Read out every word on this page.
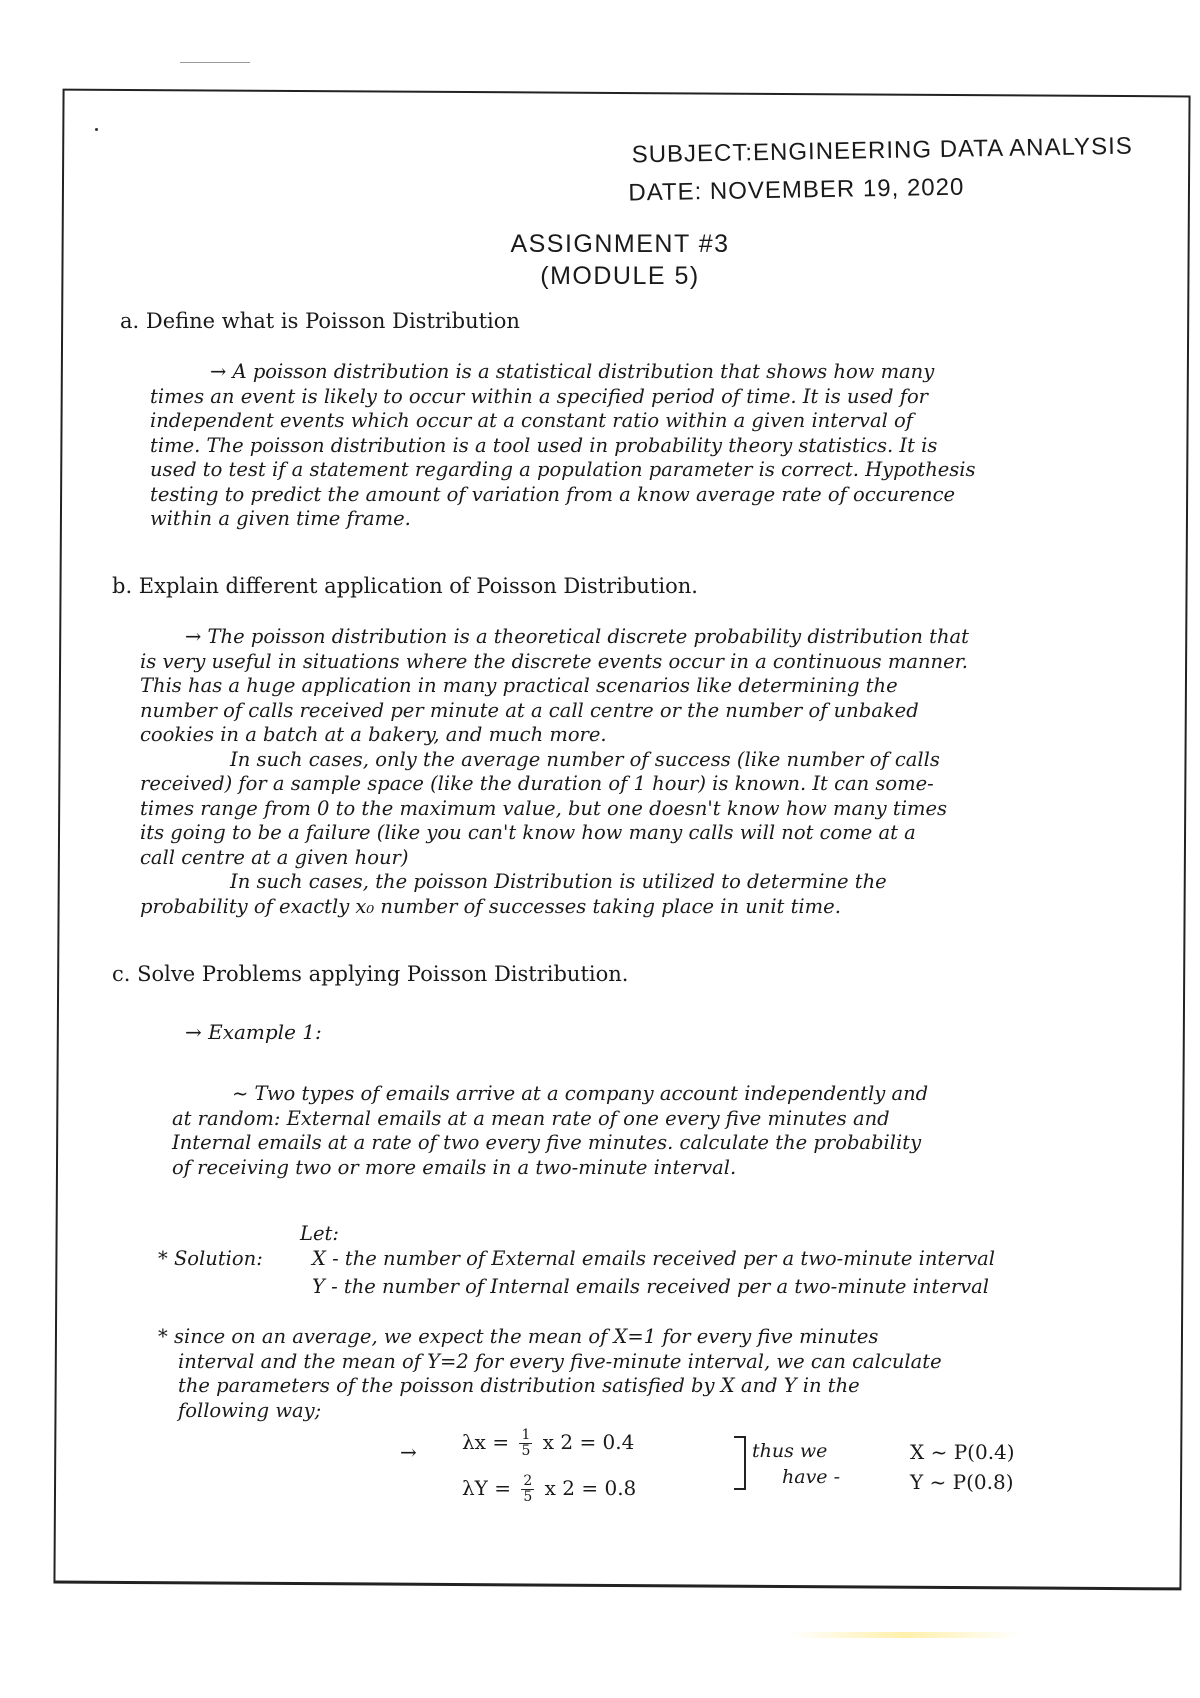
SUBJECT:ENGINEERING DATA ANALYSIS
DATE: NOVEMBER 19, 2020
ASSIGNMENT #3
(MODULE 5)
a. Define what is Poisson Distribution
→ A poisson distribution is a statistical distribution that shows how many
times an event is likely to occur within a specified period of time. It is used for
independent events which occur at a constant ratio within a given interval of
time. The poisson distribution is a tool used in probability theory statistics. It is
used to test if a statement regarding a population parameter is correct. Hypothesis
testing to predict the amount of variation from a know average rate of occurence
within a given time frame.
b. Explain different application of Poisson Distribution.
→ The poisson distribution is a theoretical discrete probability distribution that
is very useful in situations where the discrete events occur in a continuous manner.
This has a huge application in many practical scenarios like determining the
number of calls received per minute at a call centre or the number of unbaked
cookies in a batch at a bakery, and much more.
In such cases, only the average number of success (like number of calls
received) for a sample space (like the duration of 1 hour) is known. It can some-
times range from 0 to the maximum value, but one doesn't know how many times
its going to be a failure (like you can't know how many calls will not come at a
call centre at a given hour)
In such cases, the poisson Distribution is utilized to determine the
probability of exactly x₀ number of successes taking place in unit time.
c. Solve Problems applying Poisson Distribution.
→ Example 1:
~ Two types of emails arrive at a company account independently and
at random: External emails at a mean rate of one every five minutes and
Internal emails at a rate of two every five minutes. calculate the probability
of receiving two or more emails in a two-minute interval.
Let:
* Solution:	X - the number of External emails received per a two-minute interval
Y - the number of Internal emails received per a two-minute interval
* since on an average, we expect the mean of X=1 for every five minutes
interval and the mean of Y=2 for every five-minute interval, we can calculate
the parameters of the poisson distribution satisfied by X and Y in the
following way;
→ $\lambda x = \frac{1}{5}$ x 2 = 0.4
$\lambda Y = \frac{2}{5}$ x 2 = 0.8
thus we
have -
X ~ P(0.4)
Y ~ P(0.8)
